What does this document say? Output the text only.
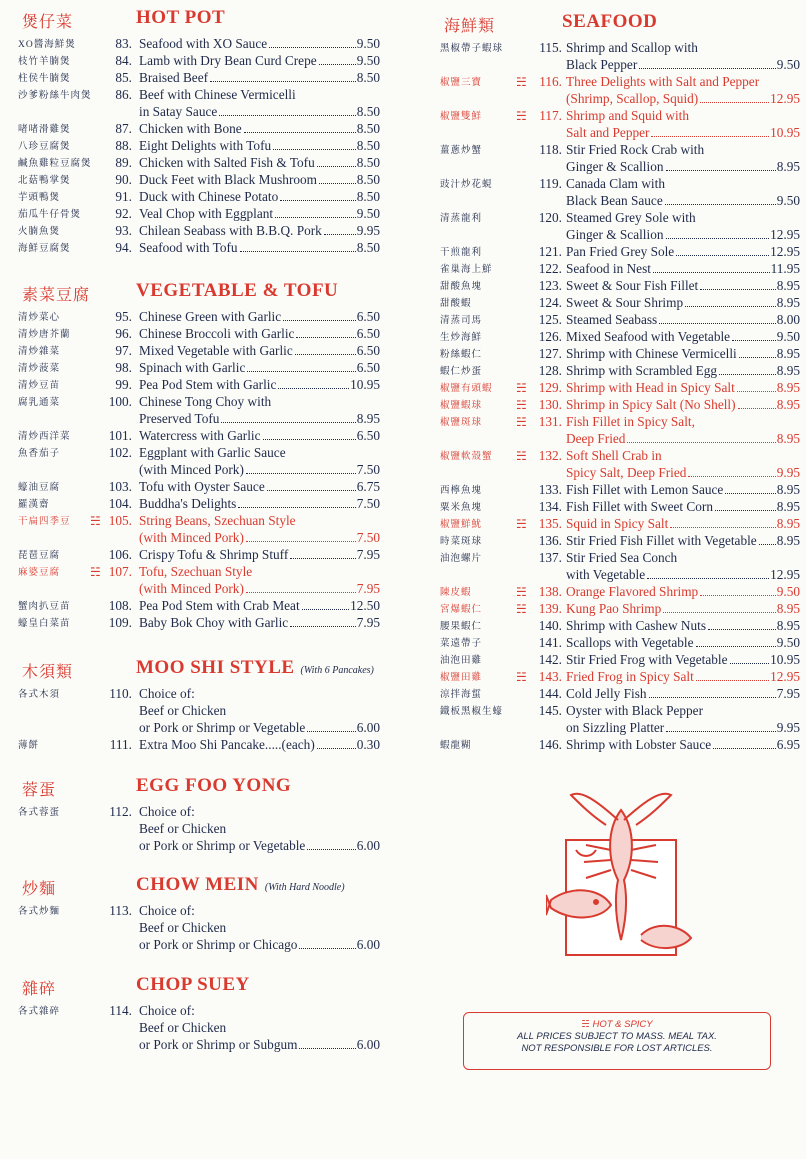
煲仔菜	HOT POT
XO醬海鮮煲	83. Seafood with XO Sauce	9.50
枝竹羊腩煲	84. Lamb with Dry Bean Curd Crepe	9.50
柱侯牛腩煲	85. Braised Beef	8.50
沙爹粉絲牛肉煲	86. Beef with Chinese Vermicelli
in Satay Sauce	8.50
啫啫滑雞煲	87. Chicken with Bone	8.50
八珍豆腐煲	88. Eight Delights with Tofu	8.50
鹹魚雞粒豆腐煲	89. Chicken with Salted Fish & Tofu	8.50
北菇鴨掌煲	90. Duck Feet with Black Mushroom	8.50
芋頭鴨煲	91. Duck with Chinese Potato	8.50
茄瓜牛仔骨煲	92. Veal Chop with Eggplant	9.50
火腩魚煲	93. Chilean Seabass with B.B.Q. Pork	9.95
海鮮豆腐煲	94. Seafood with Tofu	8.50
素菜豆腐 VEGETABLE & TOFU
清炒菜心	95. Chinese Green with Garlic	6.50
清炒唐芥蘭	96. Chinese Broccoli with Garlic	6.50
清炒雜菜	97. Mixed Vegetable with Garlic	6.50
清炒菠菜	98. Spinach with Garlic	6.50
清炒豆苗	99. Pea Pod Stem with Garlic	10.95
腐乳通菜	100. Chinese Tong Choy with
Preserved Tofu	8.95
清炒西洋菜	101. Watercress with Garlic	6.50
魚香茄子	102. Eggplant with Garlic Sauce
(with Minced Pork)	7.50
蠔油豆腐	103. Tofu with Oyster Sauce	6.75
羅漢齋	104. Buddha's Delights	7.50
干扁四季豆	☵ 105. String Beans, Szechuan Style
(with Minced Pork)	7.50
琵琶豆腐	106. Crispy Tofu & Shrimp Stuff	7.95
麻婆豆腐	☵ 107. Tofu, Szechuan Style
(with Minced Pork)	7.95
蟹肉扒豆苗	108. Pea Pod Stem with Crab Meat	12.50
蠔皇白菜苗	109. Baby Bok Choy with Garlic	7.95
木須類	MOO SHI STYLE (With 6 Pancakes)
各式木須	110. Choice of:
Beef or Chicken
or Pork or Shrimp or Vegetable	6.00
薄餅	111. Extra Moo Shi Pancake.....(each)	0.30
蓉蛋	EGG FOO YONG
各式蓉蛋	112. Choice of:
Beef or Chicken
or Pork or Shrimp or Vegetable	6.00
炒麵	CHOW MEIN (With Hard Noodle)
各式炒麵	113. Choice of:
Beef or Chicken
or Pork or Shrimp or Chicago	6.00
雜碎	CHOP SUEY
各式雜碎	114. Choice of:
Beef or Chicken
or Pork or Shrimp or Subgum	6.00
海鮮類	SEAFOOD
黑椒帶子蝦球	115. Shrimp and Scallop with
Black Pepper	9.50
椒鹽三寶	☵ 116. Three Delights with Salt and Pepper
(Shrimp, Scallop, Squid)	12.95
椒鹽雙鮮	☵ 117. Shrimp and Squid with
Salt and Pepper	10.95
薑蔥炒蟹	118. Stir Fried Rock Crab with
Ginger & Scallion	8.95
豉汁炒花蜆	119. Canada Clam with
Black Bean Sauce	9.50
清蒸龍利	120. Steamed Grey Sole with
Ginger & Scallion	12.95
干煎龍利	121. Pan Fried Grey Sole	12.95
雀巢海上鮮	122. Seafood in Nest	11.95
甜酸魚塊	123. Sweet & Sour Fish Fillet	8.95
甜酸蝦	124. Sweet & Sour Shrimp	8.95
清蒸司馬	125. Steamed Seabass	8.00
生炒海鮮	126. Mixed Seafood with Vegetable	9.50
粉絲蝦仁	127. Shrimp with Chinese Vermicelli	8.95
蝦仁炒蛋	128. Shrimp with Scrambled Egg	8.95
椒鹽有頭蝦	☵ 129. Shrimp with Head in Spicy Salt	8.95
椒鹽蝦球	☵ 130. Shrimp in Spicy Salt (No Shell)	8.95
椒鹽斑球	☵ 131. Fish Fillet in Spicy Salt,
Deep Fried	8.95
椒鹽軟殼蟹	☵ 132. Soft Shell Crab in
Spicy Salt, Deep Fried	9.95
西檸魚塊	133. Fish Fillet with Lemon Sauce	8.95
粟米魚塊	134. Fish Fillet with Sweet Corn	8.95
椒鹽鮮魷	☵ 135. Squid in Spicy Salt	8.95
時菜斑球	136. Stir Fried Fish Fillet with Vegetable 8.95
油泡螺片	137. Stir Fried Sea Conch
with Vegetable	12.95
陳皮蝦	☵ 138. Orange Flavored Shrimp	9.50
宮爆蝦仁	☵ 139. Kung Pao Shrimp	8.95
腰果蝦仁	140. Shrimp with Cashew Nuts	8.95
菜遠帶子	141. Scallops with Vegetable	9.50
油泡田雞	142. Stir Fried Frog with Vegetable	10.95
椒鹽田雞	☵ 143. Fried Frog in Spicy Salt	12.95
涼拌海蜇	144. Cold Jelly Fish	7.95
鐵板黑椒生蠔	145. Oyster with Black Pepper
on Sizzling Platter	9.95
蝦龍糊	146. Shrimp with Lobster Sauce	6.95
☵ HOT & SPICY
ALL PRICES SUBJECT TO MASS. MEAL TAX.
NOT RESPONSIBLE FOR LOST ARTICLES.
